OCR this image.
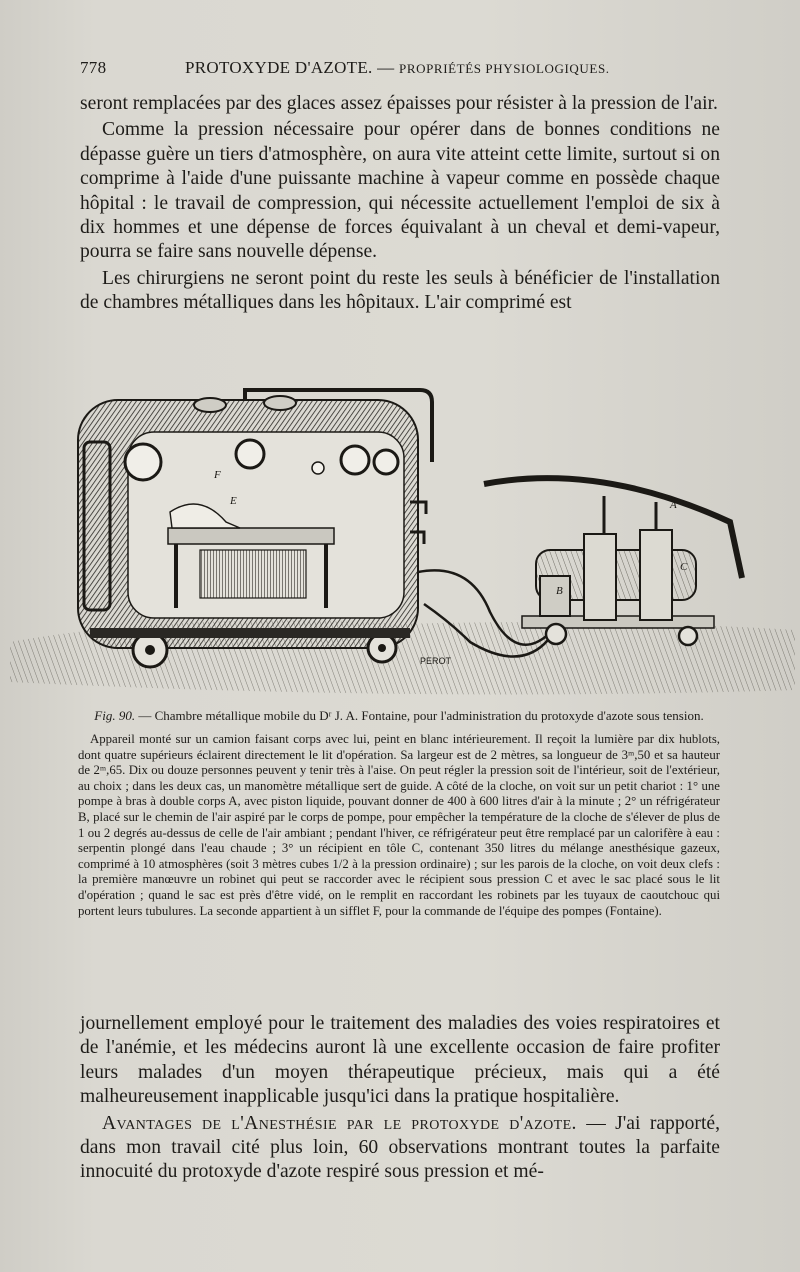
778	PROTOXYDE D'AZOTE. — PROPRIÉTÉS PHYSIOLOGIQUES.

seront remplacées par des glaces assez épaisses pour résister à la pression de l'air.

Comme la pression nécessaire pour opérer dans de bonnes conditions ne dépasse guère un tiers d'atmosphère, on aura vite atteint cette limite, surtout si on comprime à l'aide d'une puissante machine à vapeur comme en possède chaque hôpital : le travail de compression, qui nécessite actuellement l'emploi de six à dix hommes et une dépense de forces équivalant à un cheval et demi-vapeur, pourra se faire sans nouvelle dépense.

Les chirurgiens ne seront point du reste les seuls à bénéficier de l'installation de chambres métalliques dans les hôpitaux. L'air comprimé est

A
B
C
E
F
PEROT
Fig. 90. — Chambre métallique mobile du Dʳ J. A. Fontaine, pour l'administration du protoxyde d'azote sous tension.
Appareil monté sur un camion faisant corps avec lui, peint en blanc intérieurement. Il reçoit la lumière par dix hublots, dont quatre supérieurs éclairent directement le lit d'opération. Sa largeur est de 2 mètres, sa longueur de 3ᵐ,50 et sa hauteur de 2ᵐ,65. Dix ou douze personnes peuvent y tenir très à l'aise. On peut régler la pression soit de l'intérieur, soit de l'extérieur, au choix ; dans les deux cas, un manomètre métallique sert de guide. A côté de la cloche, on voit sur un petit chariot : 1° une pompe à bras à double corps A, avec piston liquide, pouvant donner de 400 à 600 litres d'air à la minute ; 2° un réfrigérateur B, placé sur le chemin de l'air aspiré par le corps de pompe, pour empêcher la température de la cloche de s'élever de plus de 1 ou 2 degrés au-dessus de celle de l'air ambiant ; pendant l'hiver, ce réfrigérateur peut être remplacé par un calorifère à eau : serpentin plongé dans l'eau chaude ; 3° un récipient en tôle C, contenant 350 litres du mélange anesthésique gazeux, comprimé à 10 atmosphères (soit 3 mètres cubes 1/2 à la pression ordinaire) ; sur les parois de la cloche, on voit deux clefs : la première manœuvre un robinet qui peut se raccorder avec le récipient sous pression C et avec le sac placé sous le lit d'opération ; quand le sac est près d'être vidé, on le remplit en raccordant les robinets par les tuyaux de caoutchouc qui portent leurs tubulures. La seconde appartient à un sifflet F, pour la commande de l'équipe des pompes (Fontaine).

journellement employé pour le traitement des maladies des voies respiratoires et de l'anémie, et les médecins auront là une excellente occasion de faire profiter leurs malades d'un moyen thérapeutique précieux, mais qui a été malheureusement inapplicable jusqu'ici dans la pratique hospitalière.

Avantages de l'Anesthésie par le protoxyde d'azote. — J'ai rapporté, dans mon travail cité plus loin, 60 observations montrant toutes la parfaite innocuité du protoxyde d'azote respiré sous pression et mé-
